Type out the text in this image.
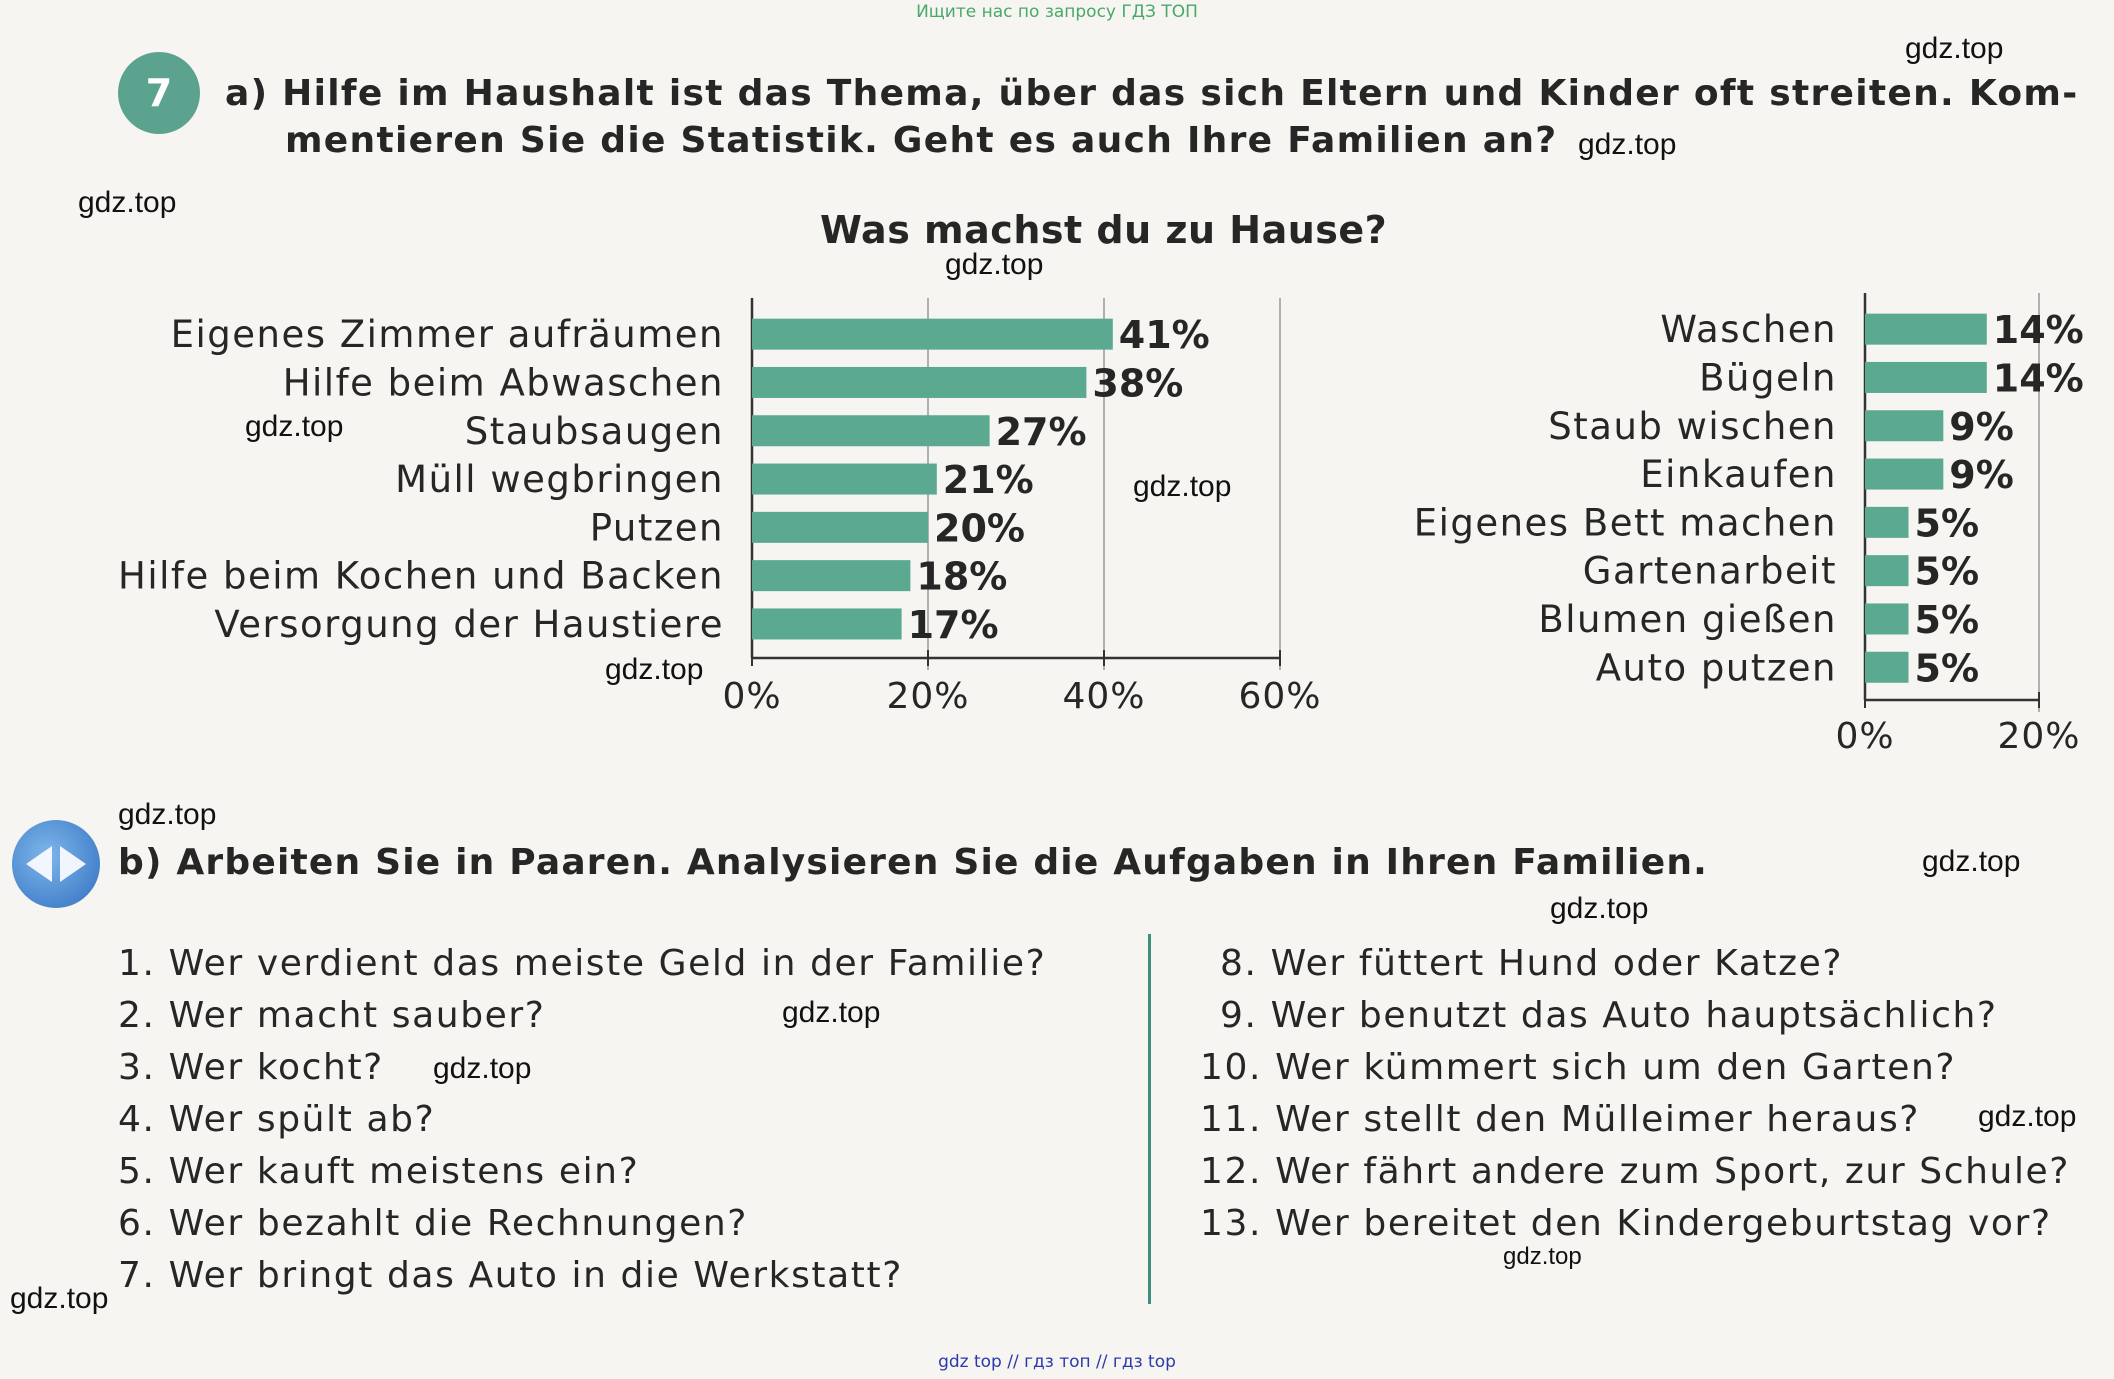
Ищите нас по запросу ГДЗ ТОП
gdz top // гдз топ // гдз top
gdz.top
gdz.top
gdz.top
gdz.top
gdz.top
gdz.top
gdz.top
gdz.top
gdz.top
gdz.top
gdz.top
gdz.top
gdz.top
gdz.top
gdz.top
7	a) Hilfe im Haushalt ist das Thema, über das sich Eltern und Kinder oft streiten. Kom-
mentieren Sie die Statistik. Geht es auch Ihre Familien an?
Was machst du zu Hause?
0%	20%	40%	60%
Eigenes Zimmer aufräumen	41%
Hilfe beim Abwaschen	38%
Staubsaugen	27%
Müll wegbringen	21%
Putzen	20%
Hilfe beim Kochen und Backen	18%
Versorgung der Haustiere	17%
0%	20%
Waschen	14%
Bügeln	14%
Staub wischen	9%
Einkaufen	9%
Eigenes Bett machen 5%
Gartenarbeit 5%
Blumen gießen 5%
Auto putzen 5%
b) Arbeiten Sie in Paaren. Analysieren Sie die Aufgaben in Ihren Familien.
1. Wer verdient das meiste Geld in der Familie?
2. Wer macht sauber?
3. Wer kocht?
4. Wer spült ab?
5. Wer kauft meistens ein?
6. Wer bezahlt die Rechnungen?
7. Wer bringt das Auto in die Werkstatt?
8. Wer füttert Hund oder Katze?
9. Wer benutzt das Auto hauptsächlich?
10. Wer kümmert sich um den Garten?
11. Wer stellt den Mülleimer heraus?
12. Wer fährt andere zum Sport, zur Schule?
13. Wer bereitet den Kindergeburtstag vor?
